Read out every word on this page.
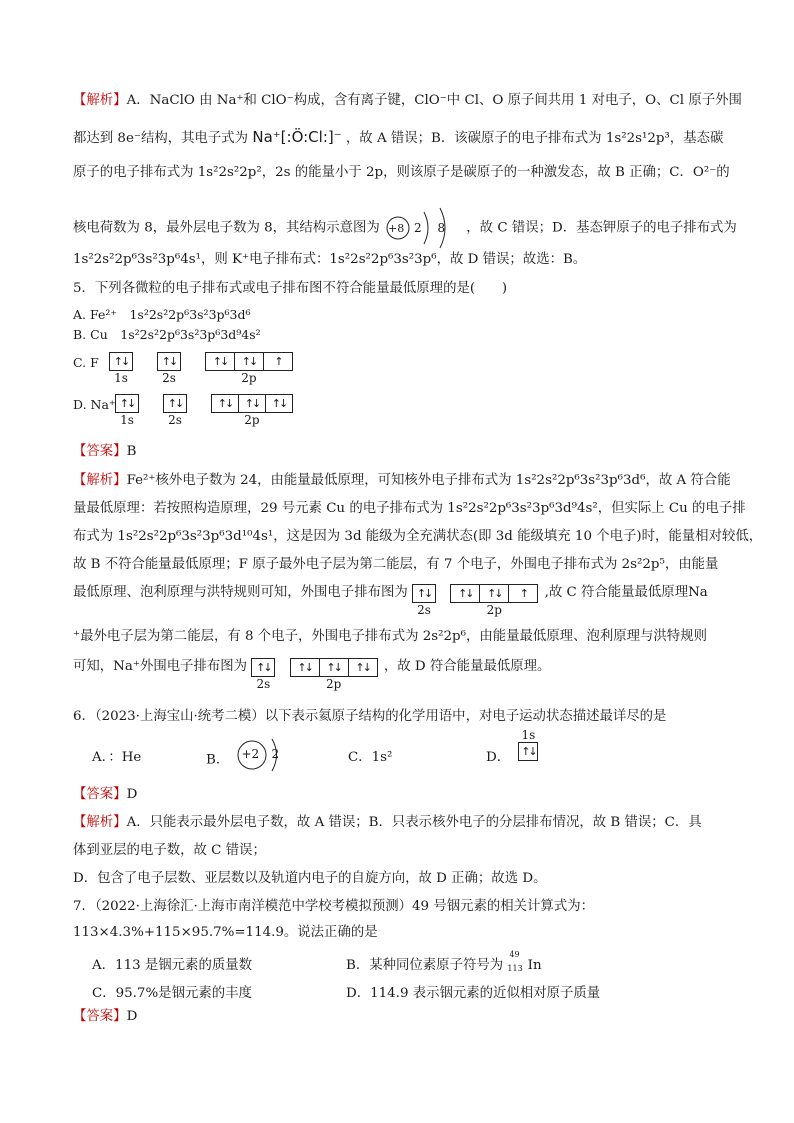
【解析】A．NaClO 由 Na⁺和 ClO⁻构成，含有离子键，ClO⁻中 Cl、O 原子间共用 1 对电子，O、Cl 原子外围
都达到 8e⁻结构，其电子式为 Na⁺[:Ö:Cl:]⁻ ，故 A 错误；B．该碳原子的电子排布式为 1s²2s¹2p³，基态碳
原子的电子排布式为 1s²2s²2p²，2s 的能量小于 2p，则该原子是碳原子的一种激发态，故 B 正确；C．O²⁻的
核电荷数为 8，最外层电子数为 8，其结构示意图为 +8 2 8 ，故 C 错误；D．基态钾原子的电子排布式为
1s²2s²2p⁶3s²3p⁶4s¹，则 K⁺电子排布式：1s²2s²2p⁶3s²3p⁶，故 D 错误；故选：B。
5．下列各微粒的电子排布式或电子排布图不符合能量最低原理的是(　　)
A. Fe²⁺　1s²2s²2p⁶3s²3p⁶3d⁶
B. Cu　1s²2s²2p⁶3s²3p⁶3d⁹4s²
C. F	↑↓
1s

↑↓
2s

↑↓	↑↓	↑
2p
D. Na⁺ ↑↓
1s

↑↓
2s

↑↓	↑↓	↑↓
2p
【答案】B
【解析】Fe²⁺核外电子数为 24，由能量最低原理，可知核外电子排布式为 1s²2s²2p⁶3s²3p⁶3d⁶，故 A 符合能
量最低原理：若按照构造原理，29 号元素 Cu 的电子排布式为 1s²2s²2p⁶3s²3p⁶3d⁹4s²，但实际上 Cu 的电子排
布式为 1s²2s²2p⁶3s²3p⁶3d¹⁰4s¹，这是因为 3d 能级为全充满状态(即 3d 能级填充 10 个电子)时，能量相对较低，
故 B 不符合能量最低原理；F 原子最外电子层为第二能层，有 7 个电子，外围电子排布式为 2s²2p⁵，由能量
最低原理、泡利原理与洪特规则可知，外围电子排布图为 ↑↓
2s

↑↓	↑↓	↑
2p
,故 C 符合能量最低原理Na
⁺最外电子层为第二能层，有 8 个电子，外围电子排布式为 2s²2p⁶，由能量最低原理、泡利原理与洪特规则
可知，Na⁺外围电子排布图为 ↑↓
2s

↑↓	↑↓	↑↓
2p
，故 D 符合能量最低原理。
6．（2023·上海宝山·统考二模）以下表示氦原子结构的化学用语中，对电子运动状态描述最详尽的是
A．：He	B． +2 2	C．1s²	D．
1s
↑↓
【答案】D
【解析】A．只能表示最外层电子数，故 A 错误；B．只表示核外电子的分层排布情况，故 B 错误；C．具
体到亚层的电子数，故 C 错误；
D．包含了电子层数、亚层数以及轨道内电子的自旋方向，故 D 正确；故选 D。
7．（2022·上海徐汇·上海市南洋模范中学校考模拟预测）49 号铟元素的相关计算式为：
113×4.3%+115×95.7%=114.9。说法正确的是
A．113 是铟元素的质量数	B．某种同位素原子符号为
49
113 In
C．95.7%是铟元素的丰度	D．114.9 表示铟元素的近似相对原子质量
【答案】D
